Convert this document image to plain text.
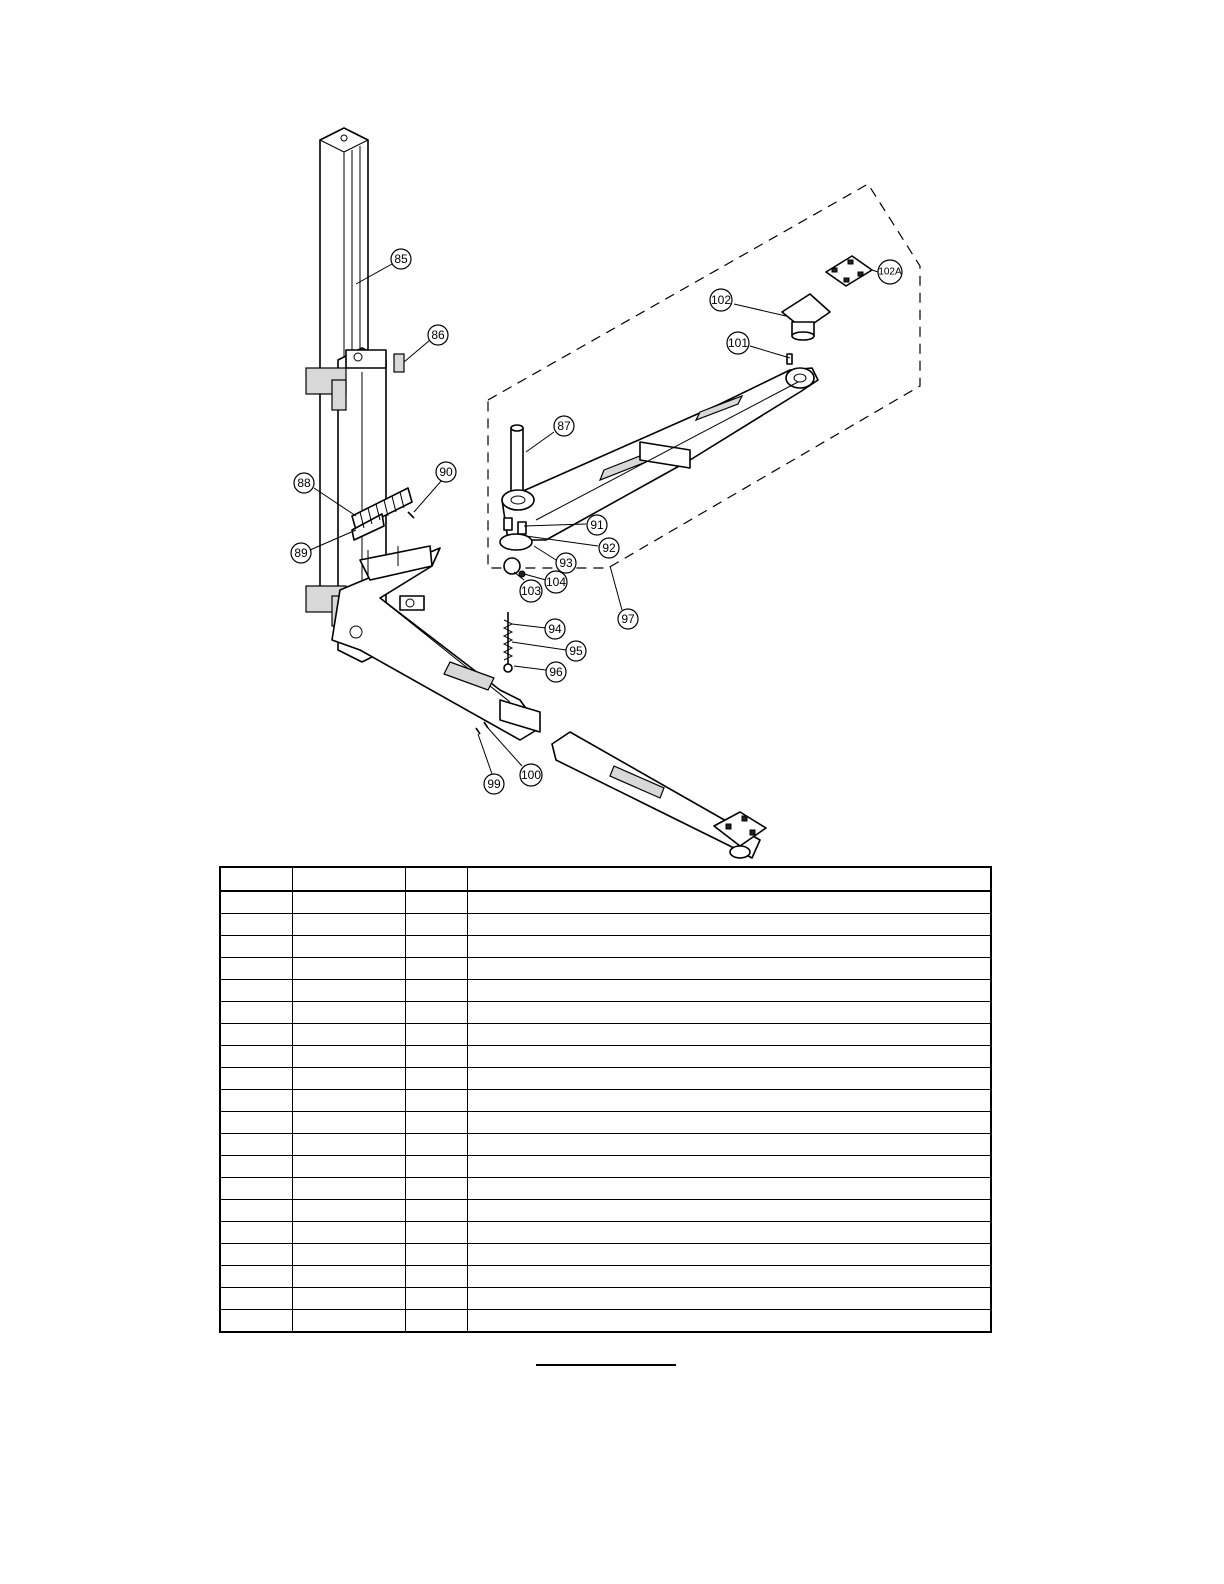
85
86
87
88
89
90
91
92
93
94
95
96
97
99
100
101
102
102A
103
104
